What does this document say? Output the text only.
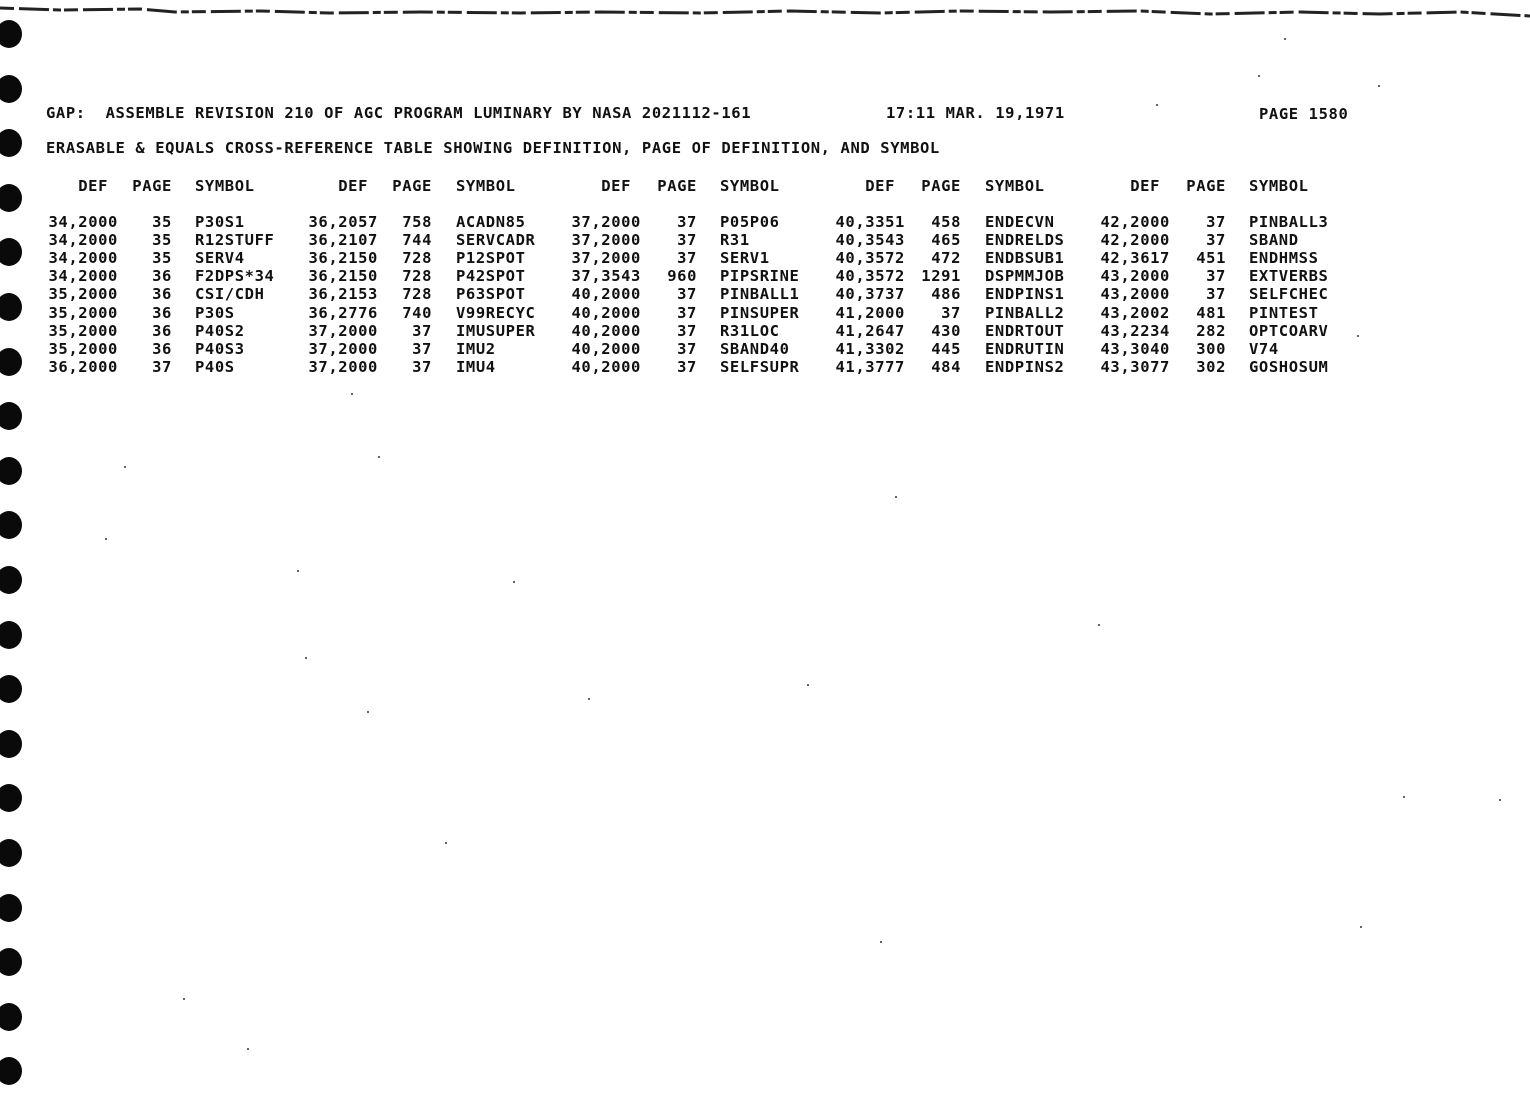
GAP:  ASSEMBLE REVISION 210 OF AGC PROGRAM LUMINARY BY NASA 2021112-161	17:11 MAR. 19,1971	PAGE 1580
ERASABLE & EQUALS CROSS-REFERENCE TABLE SHOWING DEFINITION, PAGE OF DEFINITION, AND SYMBOL
DEF PAGE SYMBOL
34,2000 35 P30S1
34,2000 35 R12STUFF
34,2000 35 SERV4
34,2000 36 F2DPS*34
35,2000 36 CSI/CDH
35,2000 36 P30S
35,2000 36 P40S2
35,2000 36 P40S3
36,2000 37 P40S
DEF PAGE SYMBOL
36,2057 758 ACADN85
36,2107 744 SERVCADR
36,2150 728 P12SPOT
36,2150 728 P42SPOT
36,2153 728 P63SPOT
36,2776 740 V99RECYC
37,2000 37 IMUSUPER
37,2000 37 IMU2
37,2000 37 IMU4
DEF PAGE SYMBOL
37,2000 37 P05P06
37,2000 37 R31
37,2000 37 SERV1
37,3543 960 PIPSRINE
40,2000 37 PINBALL1
40,2000 37 PINSUPER
40,2000 37 R31LOC
40,2000 37 SBAND40
40,2000 37 SELFSUPR
DEF PAGE SYMBOL
40,3351 458 ENDECVN
40,3543 465 ENDRELDS
40,3572 472 ENDBSUB1
40,3572 1291 DSPMMJOB
40,3737 486 ENDPINS1
41,2000 37 PINBALL2
41,2647 430 ENDRTOUT
41,3302 445 ENDRUTIN
41,3777 484 ENDPINS2
DEF PAGE SYMBOL
42,2000 37 PINBALL3
42,2000 37 SBAND
42,3617 451 ENDHMSS
43,2000 37 EXTVERBS
43,2000 37 SELFCHEC
43,2002 481 PINTEST
43,2234 282 OPTCOARV
43,3040 300 V74
43,3077 302 GOSHOSUM
